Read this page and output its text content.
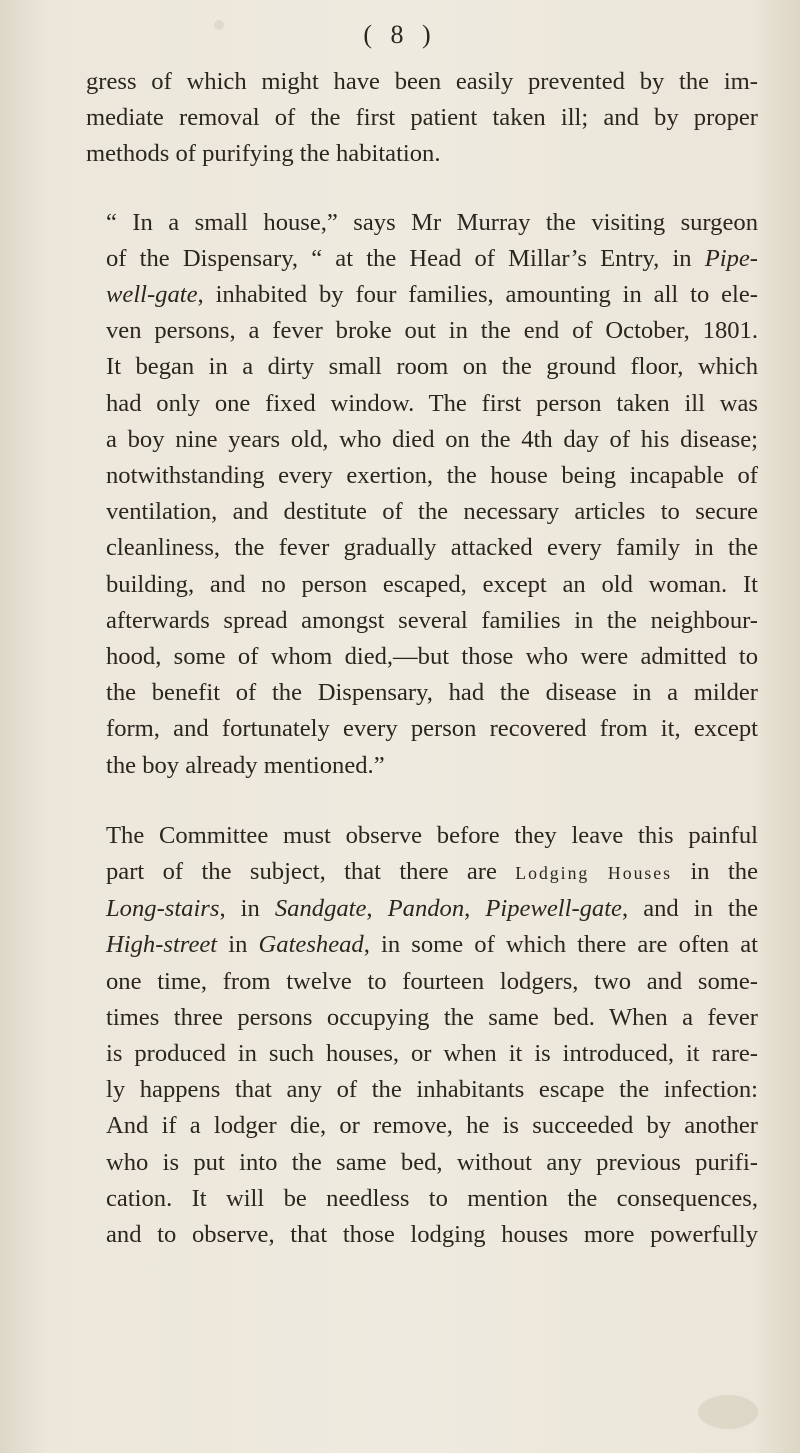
( 8 )

gress of which might have been easily prevented by the im-
mediate removal of the first patient taken ill; and by proper
methods of purifying the habitation.

“ In a small house,” says Mr Murray the visiting surgeon
of the Dispensary, “ at the Head of Millar’s Entry, in Pipe-
well-gate, inhabited by four families, amounting in all to ele-
ven persons, a fever broke out in the end of October, 1801.
It began in a dirty small room on the ground floor, which
had only one fixed window. The first person taken ill was
a boy nine years old, who died on the 4th day of his disease;
notwithstanding every exertion, the house being incapable of
ventilation, and destitute of the necessary articles to secure
cleanliness, the fever gradually attacked every family in the
building, and no person escaped, except an old woman. It
afterwards spread amongst several families in the neighbour-
hood, some of whom died,—but those who were admitted to
the benefit of the Dispensary, had the disease in a milder
form, and fortunately every person recovered from it, except
the boy already mentioned.”

The Committee must observe before they leave this painful
part of the subject, that there are Lodging Houses in the
Long-stairs, in Sandgate, Pandon, Pipewell-gate, and in the
High-street in Gateshead, in some of which there are often at
one time, from twelve to fourteen lodgers, two and some-
times three persons occupying the same bed. When a fever
is produced in such houses, or when it is introduced, it rare-
ly happens that any of the inhabitants escape the infection:
And if a lodger die, or remove, he is succeeded by another
who is put into the same bed, without any previous purifi-
cation. It will be needless to mention the consequences,
and to observe, that those lodging houses more powerfully
